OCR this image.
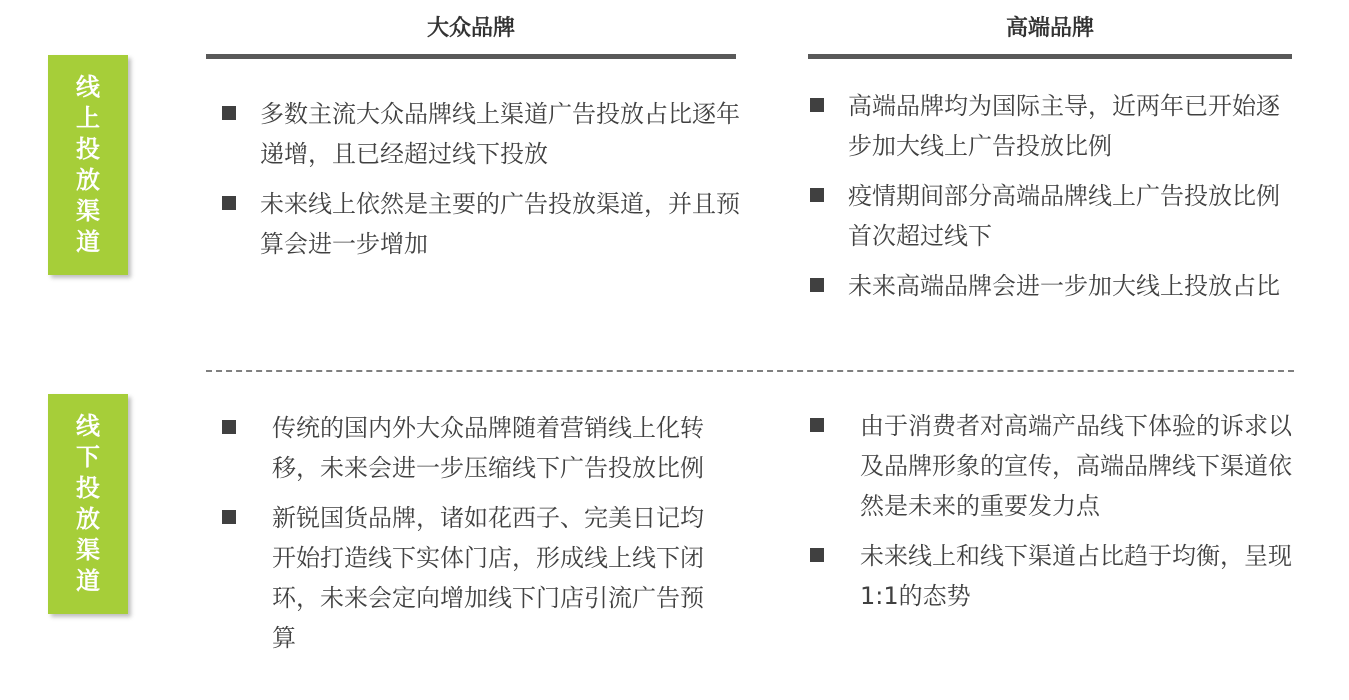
大众品牌	高端品牌
线上投放渠道
线下投放渠道
多数主流大众品牌线上渠道广告投放占比逐年递增，且已经超过线下投放
未来线上依然是主要的广告投放渠道，并且预算会进一步增加
高端品牌均为国际主导，近两年已开始逐步加大线上广告投放比例
疫情期间部分高端品牌线上广告投放比例首次超过线下
未来高端品牌会进一步加大线上投放占比
传统的国内外大众品牌随着营销线上化转移，未来会进一步压缩线下广告投放比例
新锐国货品牌，诸如花西子、完美日记均开始打造线下实体门店，形成线上线下闭环，未来会定向增加线下门店引流广告预算
由于消费者对高端产品线下体验的诉求以及品牌形象的宣传，高端品牌线下渠道依然是未来的重要发力点
未来线上和线下渠道占比趋于均衡，呈现1:1的态势
